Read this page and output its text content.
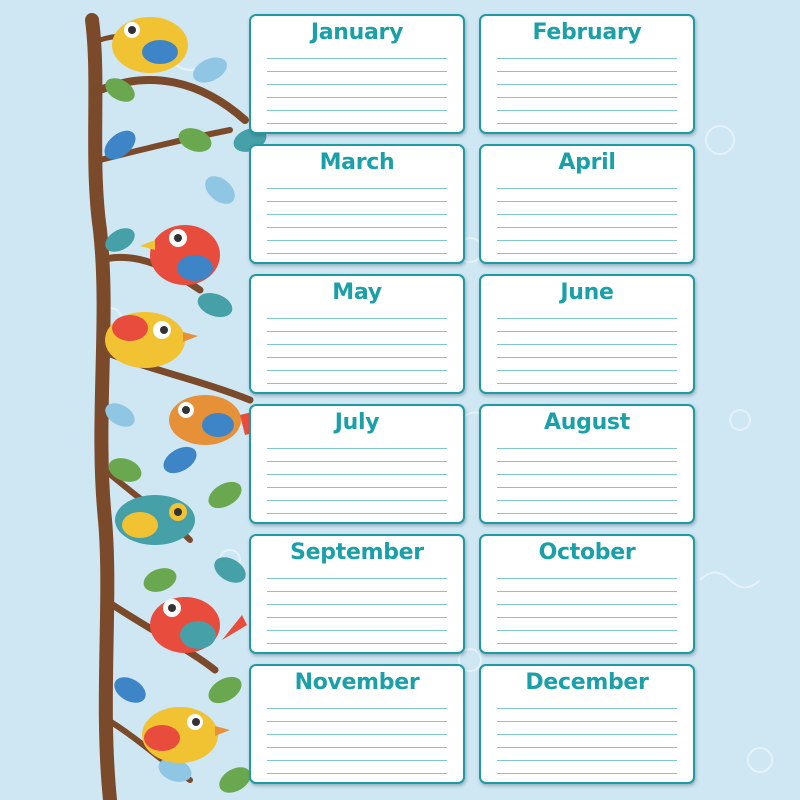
January	February
March	April
May	June
July	August
September	October
November	December
